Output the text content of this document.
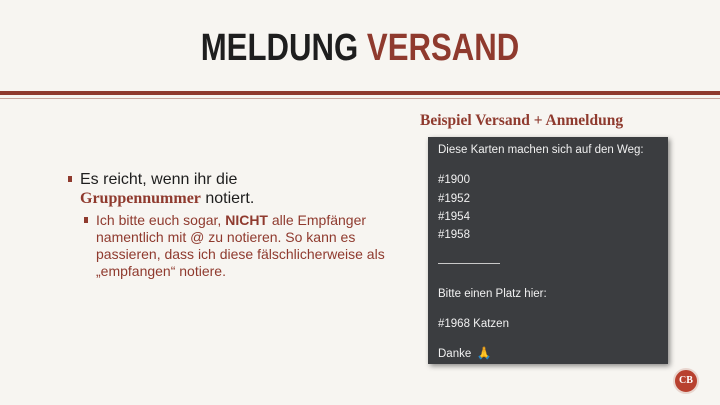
MELDUNG VERSAND
Es reicht, wenn ihr die
Gruppennummer notiert.
Ich bitte euch sogar, NICHT alle Empfänger namentlich mit @ zu notieren. So kann es passieren, dass ich diese fälschlicherweise als „empfangen“ notiere.
Beispiel Versand + Anmeldung
Diese Karten machen sich auf den Weg:
#1900
#1952
#1954
#1958
Bitte einen Platz hier:
#1968 Katzen
Danke 🙏
CB
